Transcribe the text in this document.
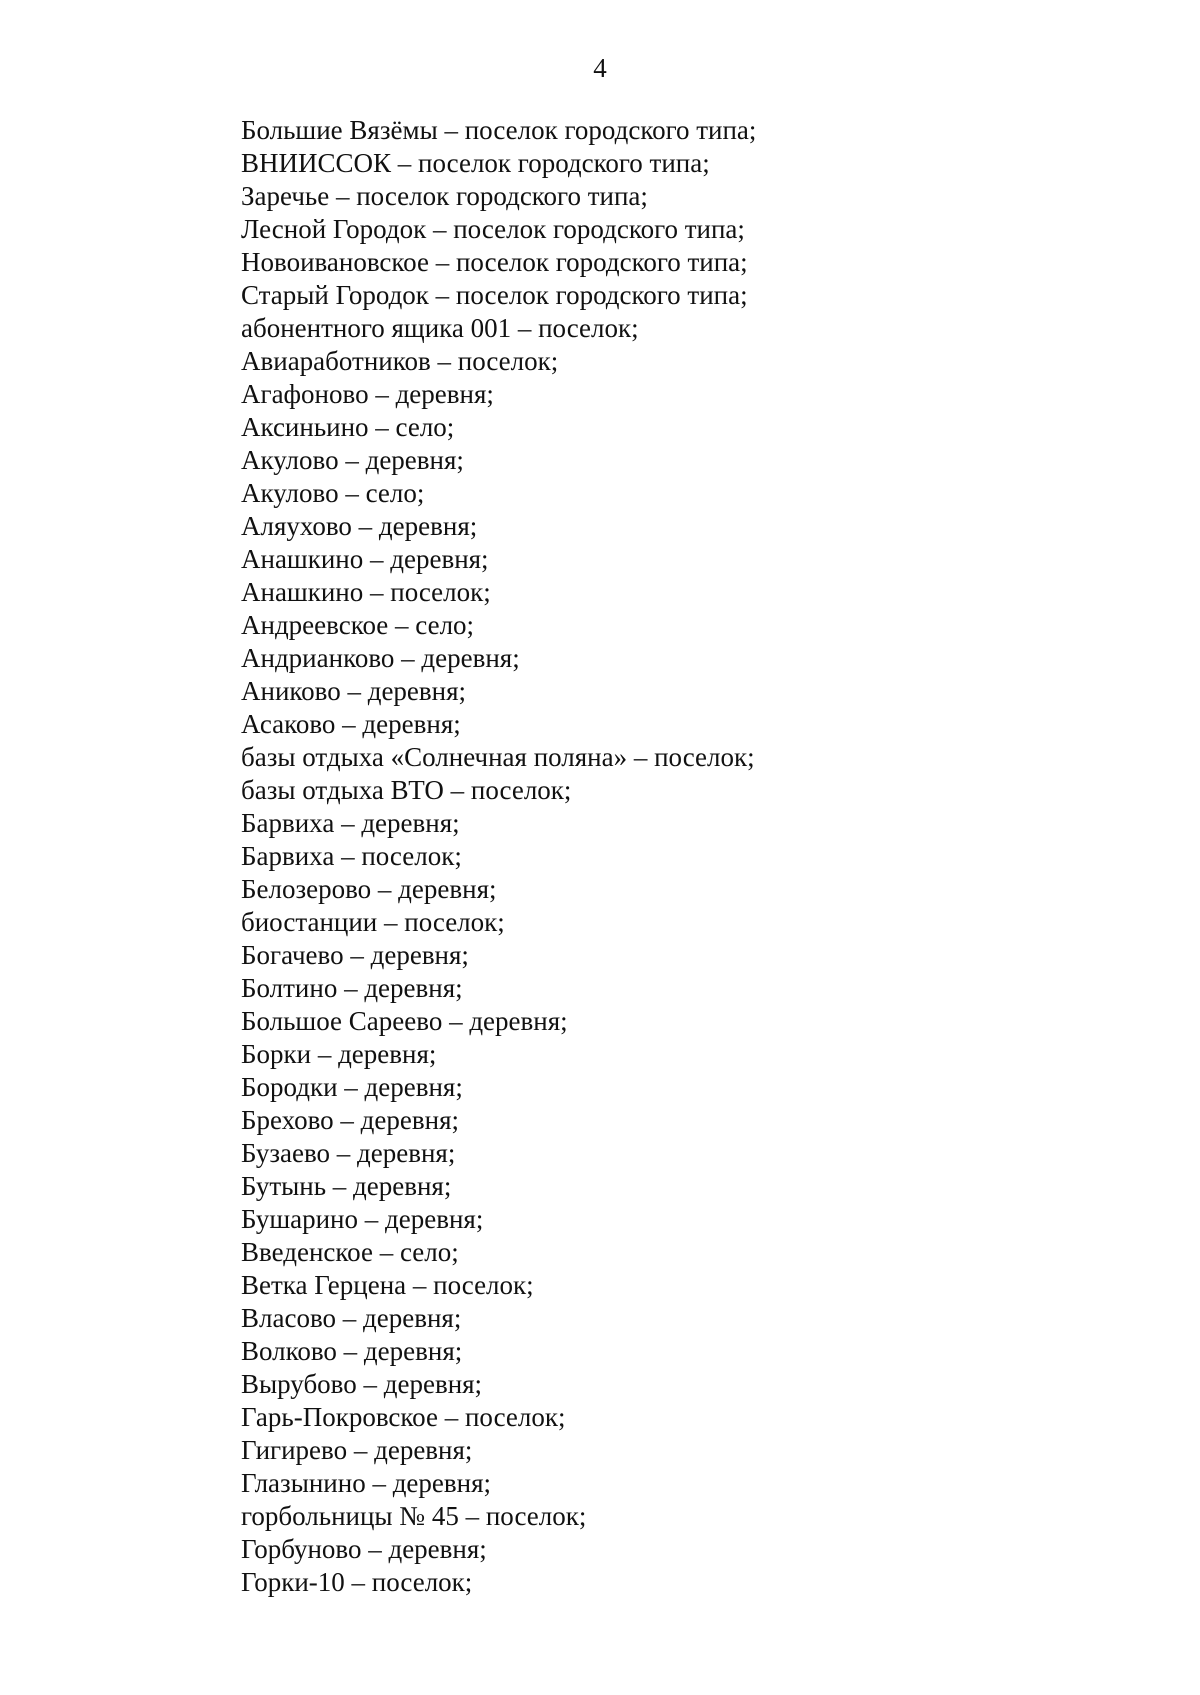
4
Большие Вязёмы – поселок городского типа;
ВНИИССОК – поселок городского типа;
Заречье – поселок городского типа;
Лесной Городок – поселок городского типа;
Новоивановское – поселок городского типа;
Старый Городок – поселок городского типа;
абонентного ящика 001 – поселок;
Авиаработников – поселок;
Агафоново – деревня;
Аксиньино – село;
Акулово – деревня;
Акулово – село;
Аляухово – деревня;
Анашкино – деревня;
Анашкино – поселок;
Андреевское – село;
Андрианково – деревня;
Аниково – деревня;
Асаково – деревня;
базы отдыха «Солнечная поляна» – поселок;
базы отдыха ВТО – поселок;
Барвиха – деревня;
Барвиха – поселок;
Белозерово – деревня;
биостанции – поселок;
Богачево – деревня;
Болтино – деревня;
Большое Сареево – деревня;
Борки – деревня;
Бородки – деревня;
Брехово – деревня;
Бузаево – деревня;
Бутынь – деревня;
Бушарино – деревня;
Введенское – село;
Ветка Герцена – поселок;
Власово – деревня;
Волково – деревня;
Вырубово – деревня;
Гарь-Покровское – поселок;
Гигирево – деревня;
Глазынино – деревня;
горбольницы № 45 – поселок;
Горбуново – деревня;
Горки-10 – поселок;
